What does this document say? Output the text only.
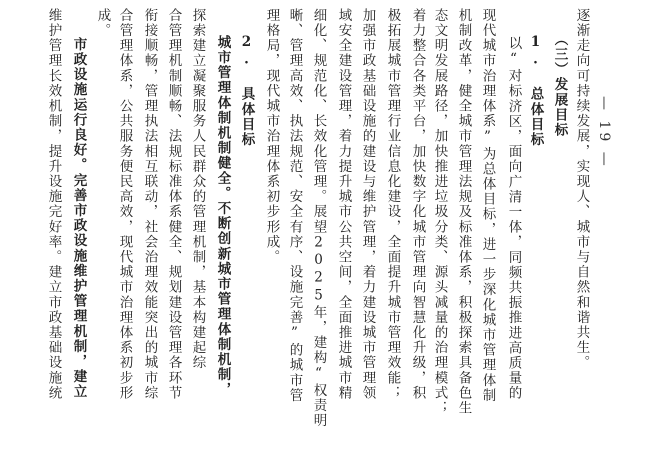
逐渐走向可持续发展，实现人、城市与自然和谐共生。
（三）发展目标
1. 总体目标
以“对标济区，面向广清一体，同频共振推进高质量的
现代城市治理体系”为总体目标，进一步深化城市管理体制
机制改革，健全城市管理法规及标准体系，积极探索具备色生
态文明发展路径，加快推进垃圾分类、源头减量的治理模式；
着力整合各类平台，加快数字化城市管理向智慧化升级，积
极拓展城市管理行业信息化建设，全面提升城市管理效能；
加强市政基础设施的建设与维护管理，着力建设城市管理领
域安全建设管理，着力提升城市公共空间，全面推进城市精
细化、规范化、长效化管理。展望2025年，建构“权责明
晰、管理高效、执法规范、安全有序、设施完善”的城市管
理格局，现代城市治理体系初步形成。
2. 具体目标
城市管理体制机制健全。不断创新城市管理体制机制，
探索建立凝聚服务人民群众的管理机制，基本构建起综
合管理机制顺畅、法规标准体系健全、规划建设管理各环节
衔接顺畅，管理执法相互联动，社会治理效能突出的城市综
合管理体系，公共服务便民高效，现代城市治理体系初步形
成。
市政设施运行良好。完善市政设施维护管理机制，建立
维护管理长效机制，提升设施完好率。建立市政基础设施统	— 19 —
